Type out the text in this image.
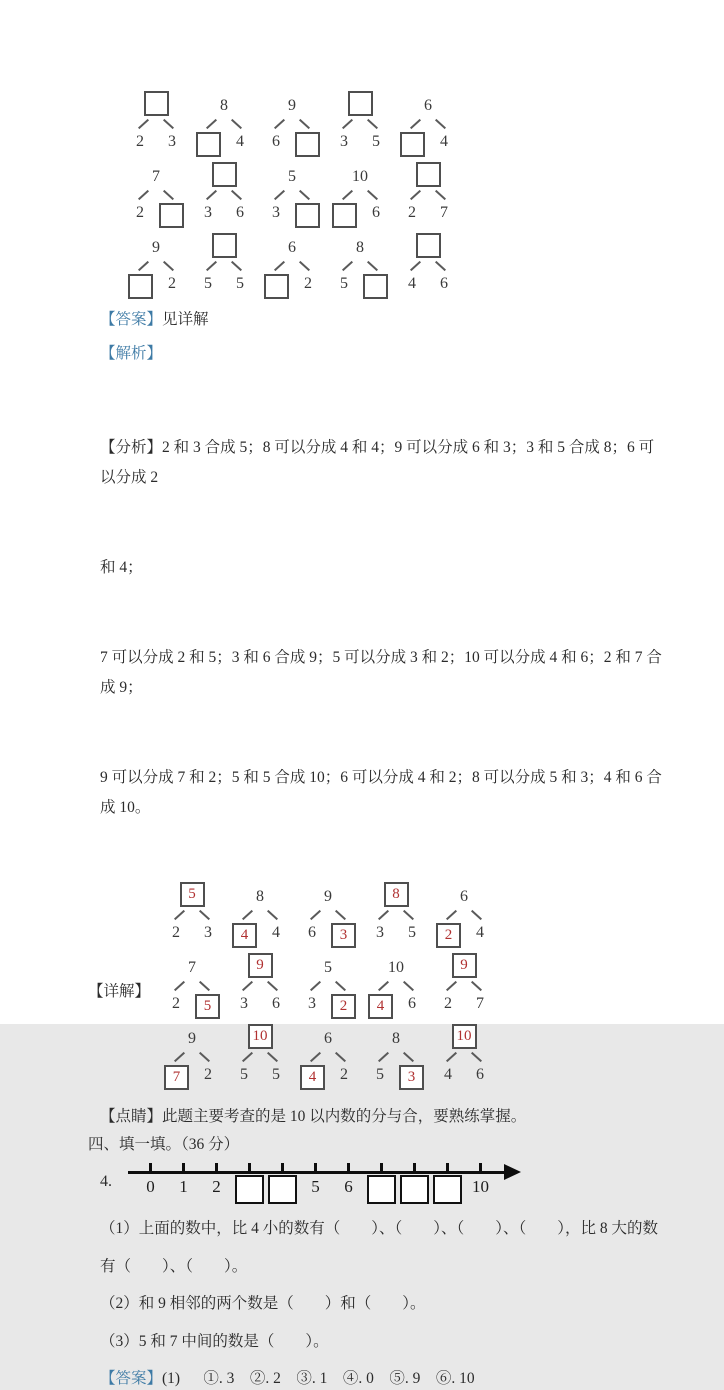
2	3
8
4
9
6	3	5
6
4
7
2	3	6
5
3
10
6	2	7
9
2	5	5
6
2
8
5	4	6

【答案】见详解

【解析】

【分析】2 和 3 合成 5；8 可以分成 4 和 4；9 可以分成 6 和 3；3 和 5 合成 8；6 可以分成 2

和 4；

7 可以分成 2 和 5；3 和 6 合成 9；5 可以分成 3 和 2；10 可以分成 4 和 6；2 和 7 合成 9；

9 可以分成 7 和 2；5 和 5 合成 10；6 可以分成 4 和 2；8 可以分成 5 和 3；4 和 6 合成 10。

【详解】
5
2	3
8
4	4
9
6	3
8
3	5
6
2	4
7
2	5
9
3	6
5
3	2
10
4	6
9
2	7
9
7	2
10
5	5
6
4	2
8
5	3
10
4	6

【点睛】此题主要考查的是 10 以内数的分与合，要熟练掌握。

四、填一填。（36 分）

4.	0 1 2	5 6	10

（1）上面的数中，比 4 小的数有（        ）、（        ）、（        ）、（        ），比 8 大的数

有（        ）、（        ）。

（2）和 9 相邻的两个数是（        ）和（        ）。

（3）5 和 7 中间的数是（        ）。

【答案】(1)      ①. 3    ②. 2    ③. 1    ④. 0    ⑤. 9    ⑥. 10
